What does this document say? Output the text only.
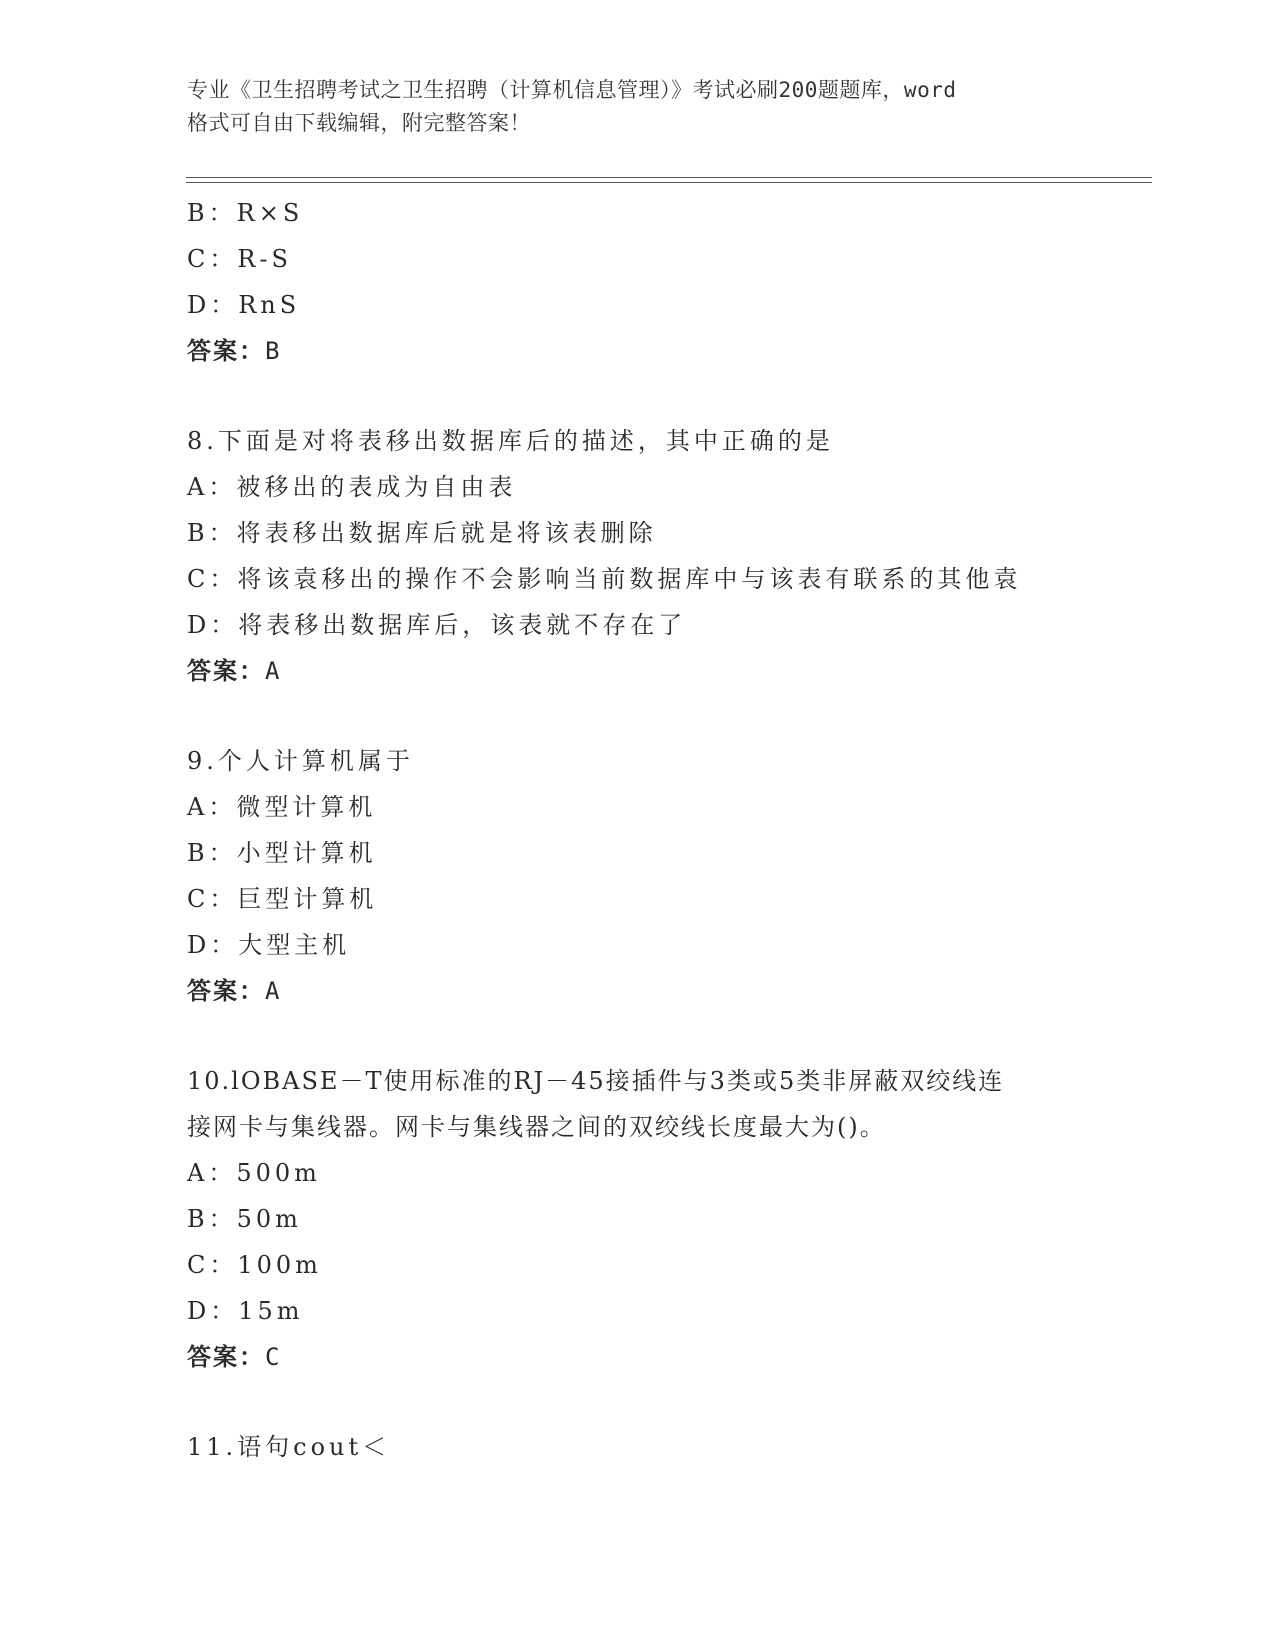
专业《卫生招聘考试之卫生招聘（计算机信息管理）》考试必刷200题题库，word
格式可自由下载编辑，附完整答案！
B：R×S
C：R-S
D：RnS
答案：B
8.下面是对将表移出数据库后的描述，其中正确的是
A：被移出的表成为自由表
B：将表移出数据库后就是将该表删除
C：将该袁移出的操作不会影响当前数据库中与该表有联系的其他袁
D：将表移出数据库后，该表就不存在了
答案：A
9.个人计算机属于
A：微型计算机
B：小型计算机
C：巨型计算机
D：大型主机
答案：A
10.lOBASE－T使用标准的RJ－45接插件与3类或5类非屏蔽双绞线连
接网卡与集线器。网卡与集线器之间的双绞线长度最大为()。
A：500m
B：50m
C：100m
D：15m
答案：C
11.语句cout＜
